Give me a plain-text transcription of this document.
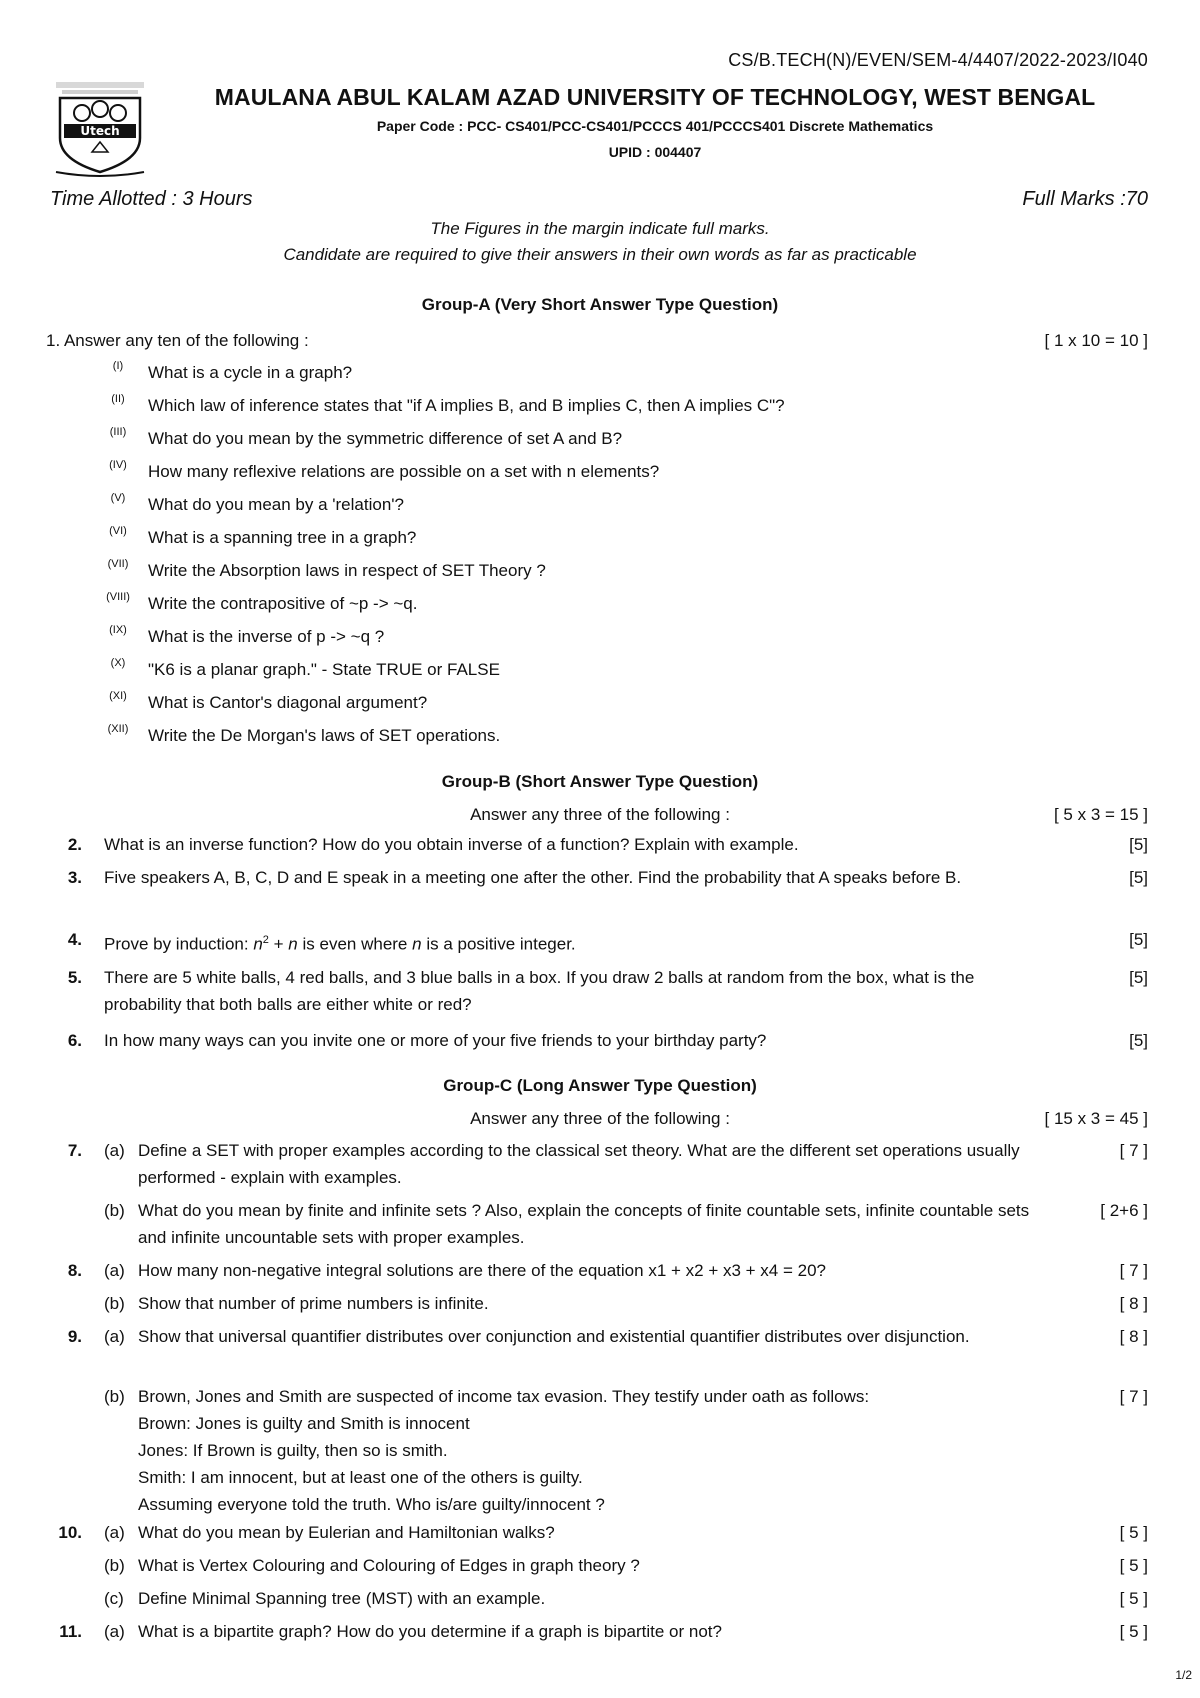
CS/B.TECH(N)/EVEN/SEM-4/4407/2022-2023/I040
Utech
MAULANA ABUL KALAM AZAD UNIVERSITY OF TECHNOLOGY, WEST BENGAL
Paper Code : PCC- CS401/PCC-CS401/PCCCS 401/PCCCS401 Discrete Mathematics
UPID : 004407
Time Allotted : 3 Hours	Full Marks :70
The Figures in the margin indicate full marks.
Candidate are required to give their answers in their own words as far as practicable
Group-A (Very Short Answer Type Question)
1. Answer any ten of the following :	[ 1 x 10 = 10 ]
(I)	What is a cycle in a graph?
(II)	Which law of inference states that "if A implies B, and B implies C, then A implies C"?
(III)	What do you mean by the symmetric difference of set A and B?
(IV)	How many reflexive relations are possible on a set with n elements?
(V)	What do you mean by a 'relation'?
(VI)	What is a spanning tree in a graph?
(VII)	Write the Absorption laws in respect of SET Theory ?
(VIII)	Write the contrapositive of ~p -> ~q.
(IX)	What is the inverse of p -> ~q ?
(X)	"K6 is a planar graph." - State TRUE or FALSE
(XI)	What is Cantor's diagonal argument?
(XII)	Write the De Morgan's laws of SET operations.
Group-B (Short Answer Type Question)
Answer any three of the following :	[ 5 x 3 = 15 ]
2. What is an inverse function? How do you obtain inverse of a function? Explain with example.	[5]
3. Five speakers A, B, C, D and E speak in a meeting one after the other. Find the probability that A speaks before B.	[5]
4. Prove by induction: $n^2 + n$ is even where n is a positive integer.	[5]
5. There are 5 white balls, 4 red balls, and 3 blue balls in a box. If you draw 2 balls at random from the box, what is the probability that both balls are either white or red?
[5]
6. In how many ways can you invite one or more of your five friends to your birthday party?	[5]
Group-C (Long Answer Type Question)
Answer any three of the following :	[ 15 x 3 = 45 ]
7. (a) Define a SET with proper examples according to the classical set theory. What are the different set operations usually performed - explain with examples.
[ 7 ]
(b) What do you mean by finite and infinite sets ? Also, explain the concepts of finite countable sets, infinite countable sets and infinite uncountable sets with proper examples.
[ 2+6 ]
8. (a) How many non-negative integral solutions are there of the equation x1 + x2 + x3 + x4 = 20?	[ 7 ]
(b) Show that number of prime numbers is infinite.	[ 8 ]
9. (a) Show that universal quantifier distributes over conjunction and existential quantifier distributes over disjunction.	[ 8 ]
(b) Brown, Jones and Smith are suspected of income tax evasion. They testify under oath as follows:
Brown: Jones is guilty and Smith is innocent
Jones: If Brown is guilty, then so is smith.
Smith: I am innocent, but at least one of the others is guilty.
Assuming everyone told the truth. Who is/are guilty/innocent ?
[ 7 ]
10. (a) What do you mean by Eulerian and Hamiltonian walks?	[ 5 ]
(b) What is Vertex Colouring and Colouring of Edges in graph theory ?	[ 5 ]
(c) Define Minimal Spanning tree (MST) with an example.	[ 5 ]
11. (a) What is a bipartite graph? How do you determine if a graph is bipartite or not?	[ 5 ]
1/2
